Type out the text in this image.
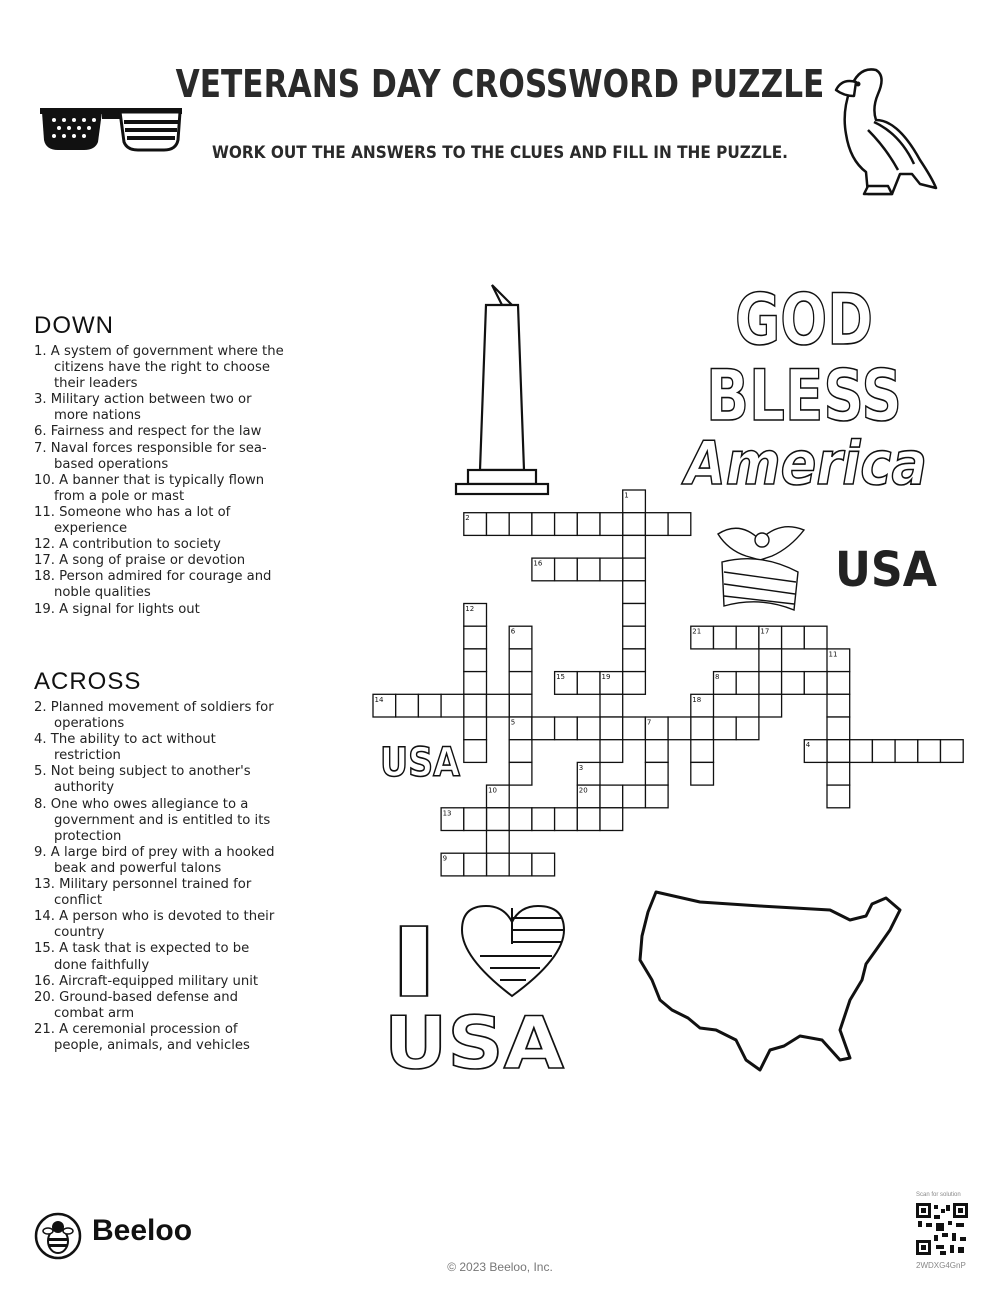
VETERANS DAY CROSSWORD PUZZLE
WORK OUT THE ANSWERS TO THE CLUES AND FILL IN THE PUZZLE.
DOWN

1. A system of government where the citizens have the right to choose their leaders

3. Military action between two or more nations

6. Fairness and respect for the law

7. Naval forces responsible for sea-based operations

10. A banner that is typically flown from a pole or mast

11. Someone who has a lot of experience

12. A contribution to society

17. A song of praise or devotion

18. Person admired for courage and noble qualities

19. A signal for lights out

ACROSS

2. Planned movement of soldiers for operations

4. The ability to act without restriction

5. Not being subject to another's authority

8. One who owes allegiance to a government and is entitled to its protection

9. A large bird of prey with a hooked beak and powerful talons

13. Military personnel trained for conflict

14. A person who is devoted to their country

15. A task that is expected to be done faithfully

16. Aircraft-equipped military unit

20. Ground-based defense and combat arm

21. A ceremonial procession of people, animals, and vehicles

GOD
BLESS
America
USA
USA
I
USA
1
2
16
12
6	21	17
11
8
15	19
14	18
5	7
4
3
10	20
13
9
Beeloo
© 2023 Beeloo, Inc.
Scan for solution
2WDXG4GnP
